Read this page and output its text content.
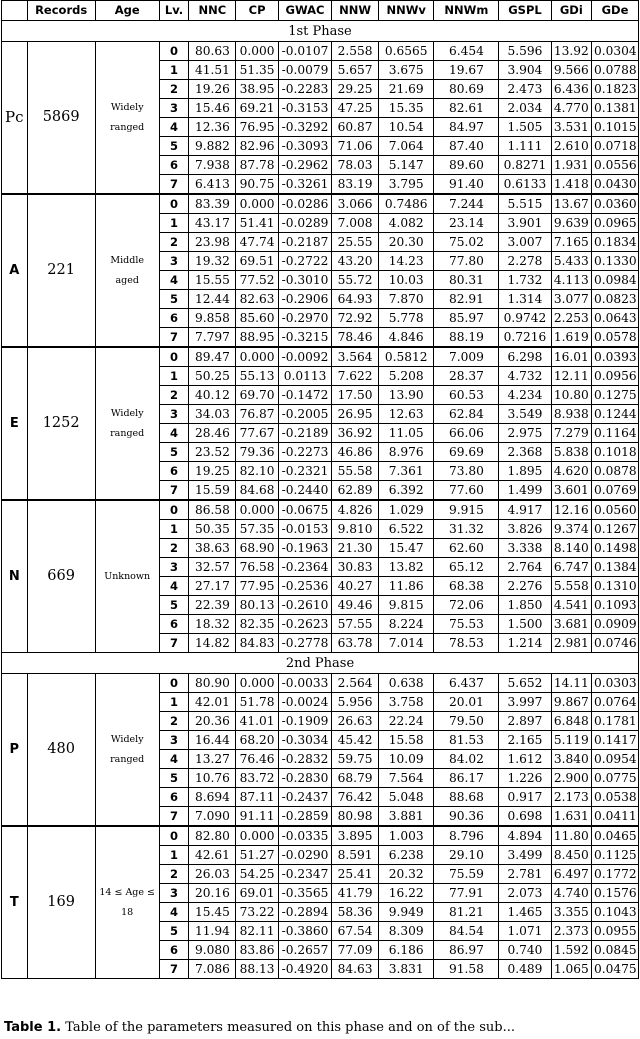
	Records	Age	Lv.	NNC	CP	GWAC	NNW	NNWv	NNWm	GSPL	GDi	GDe
1st Phase												
Pc	5869	Widely ranged	0	80.63	0.000	-0.0107	2.558	0.6565	6.454	5.596	13.92	0.0304
			1	41.51	51.35	-0.0079	5.657	3.675	19.67	3.904	9.566	0.0788
			2	19.26	38.95	-0.2283	29.25	21.69	80.69	2.473	6.436	0.1823
			3	15.46	69.21	-0.3153	47.25	15.35	82.61	2.034	4.770	0.1381
			4	12.36	76.95	-0.3292	60.87	10.54	84.97	1.505	3.531	0.1015
			5	9.882	82.96	-0.3093	71.06	7.064	87.40	1.111	2.610	0.0718
			6	7.938	87.78	-0.2962	78.03	5.147	89.60	0.8271	1.931	0.0556
			7	6.413	90.75	-0.3261	83.19	3.795	91.40	0.6133	1.418	0.0430
A	221	Middle aged	0	83.39	0.000	-0.0286	3.066	0.7486	7.244	5.515	13.67	0.0360
			1	43.17	51.41	-0.0289	7.008	4.082	23.14	3.901	9.639	0.0965
			2	23.98	47.74	-0.2187	25.55	20.30	75.02	3.007	7.165	0.1834
			3	19.32	69.51	-0.2722	43.20	14.23	77.80	2.278	5.433	0.1330
			4	15.55	77.52	-0.3010	55.72	10.03	80.31	1.732	4.113	0.0984
			5	12.44	82.63	-0.2906	64.93	7.870	82.91	1.314	3.077	0.0823
			6	9.858	85.60	-0.2970	72.92	5.778	85.97	0.9742	2.253	0.0643
			7	7.797	88.95	-0.3215	78.46	4.846	88.19	0.7216	1.619	0.0578
E	1252	Widely ranged	0	89.47	0.000	-0.0092	3.564	0.5812	7.009	6.298	16.01	0.0393
			1	50.25	55.13	0.0113	7.622	5.208	28.37	4.732	12.11	0.0956
			2	40.12	69.70	-0.1472	17.50	13.90	60.53	4.234	10.80	0.1275
			3	34.03	76.87	-0.2005	26.95	12.63	62.84	3.549	8.938	0.1244
			4	28.46	77.67	-0.2189	36.92	11.05	66.06	2.975	7.279	0.1164
			5	23.52	79.36	-0.2273	46.86	8.976	69.69	2.368	5.838	0.1018
			6	19.25	82.10	-0.2321	55.58	7.361	73.80	1.895	4.620	0.0878
			7	15.59	84.68	-0.2440	62.89	6.392	77.60	1.499	3.601	0.0769
N	669	Unknown	0	86.58	0.000	-0.0675	4.826	1.029	9.915	4.917	12.16	0.0560
			1	50.35	57.35	-0.0153	9.810	6.522	31.32	3.826	9.374	0.1267
			2	38.63	68.90	-0.1963	21.30	15.47	62.60	3.338	8.140	0.1498
			3	32.57	76.58	-0.2364	30.83	13.82	65.12	2.764	6.747	0.1384
			4	27.17	77.95	-0.2536	40.27	11.86	68.38	2.276	5.558	0.1310
			5	22.39	80.13	-0.2610	49.46	9.815	72.06	1.850	4.541	0.1093
			6	18.32	82.35	-0.2623	57.55	8.224	75.53	1.500	3.681	0.0909
			7	14.82	84.83	-0.2778	63.78	7.014	78.53	1.214	2.981	0.0746
2nd Phase												
P	480	Widely ranged	0	80.90	0.000	-0.0033	2.564	0.638	6.437	5.652	14.11	0.0303
			1	42.01	51.78	-0.0024	5.956	3.758	20.01	3.997	9.867	0.0764
			2	20.36	41.01	-0.1909	26.63	22.24	79.50	2.897	6.848	0.1781
			3	16.44	68.20	-0.3034	45.42	15.58	81.53	2.165	5.119	0.1417
			4	13.27	76.46	-0.2832	59.75	10.09	84.02	1.612	3.840	0.0954
			5	10.76	83.72	-0.2830	68.79	7.564	86.17	1.226	2.900	0.0775
			6	8.694	87.11	-0.2437	76.42	5.048	88.68	0.917	2.173	0.0538
			7	7.090	91.11	-0.2859	80.98	3.881	90.36	0.698	1.631	0.0411
T	169	14 ≤ Age ≤ 18	0	82.80	0.000	-0.0335	3.895	1.003	8.796	4.894	11.80	0.0465
			1	42.61	51.27	-0.0290	8.591	6.238	29.10	3.499	8.450	0.1125
			2	26.03	54.25	-0.2347	25.41	20.32	75.59	2.781	6.497	0.1772
			3	20.16	69.01	-0.3565	41.79	16.22	77.91	2.073	4.740	0.1576
			4	15.45	73.22	-0.2894	58.36	9.949	81.21	1.465	3.355	0.1043
			5	11.94	82.11	-0.3860	67.54	8.309	84.54	1.071	2.373	0.0955
			6	9.080	83.86	-0.2657	77.09	6.186	86.97	0.740	1.592	0.0845
			7	7.086	88.13	-0.4920	84.63	3.831	91.58	0.489	1.065	0.0475
Table 1. Table of the parameters measured on this phase and on of the sub...
